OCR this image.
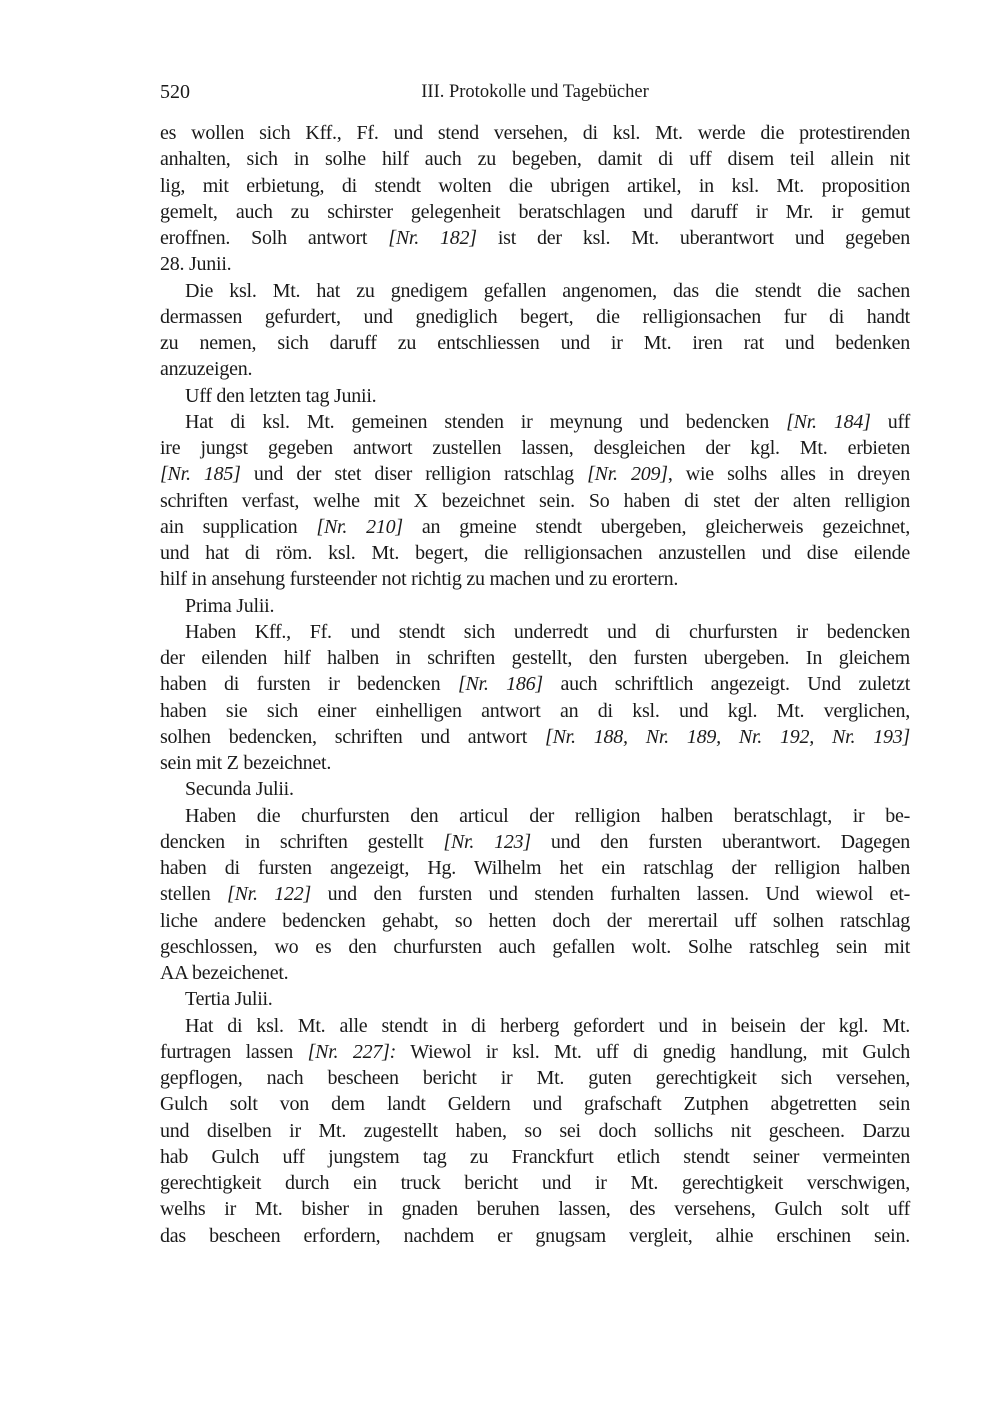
520	III. Protokolle und Tagebücher
es wollen sich Kff., Ff. und stend versehen, di ksl. Mt. werde die protestirenden
anhalten, sich in solhe hilf auch zu begeben, damit di uff disem teil allein nit
lig, mit erbietung, di stendt wolten die ubrigen artikel, in ksl. Mt. proposition
gemelt, auch zu schirster gelegenheit beratschlagen und daruff ir Mr. ir gemut
eroffnen. Solh antwort [Nr. 182] ist der ksl. Mt. uberantwort und gegeben
28. Junii.
Die ksl. Mt. hat zu gnedigem gefallen angenomen, das die stendt die sachen
dermassen gefurdert, und gnediglich begert, die relligionsachen fur di handt
zu nemen, sich daruff zu entschliessen und ir Mt. iren rat und bedenken
anzuzeigen.
Uff den letzten tag Junii.
Hat di ksl. Mt. gemeinen stenden ir meynung und bedencken [Nr. 184] uff
ire jungst gegeben antwort zustellen lassen, desgleichen der kgl. Mt. erbieten
[Nr. 185] und der stet diser relligion ratschlag [Nr. 209], wie solhs alles in dreyen
schriften verfast, welhe mit X bezeichnet sein. So haben di stet der alten relligion
ain supplication [Nr. 210] an gmeine stendt ubergeben, gleicherweis gezeichnet,
und hat di röm. ksl. Mt. begert, die relligionsachen anzustellen und dise eilende
hilf in ansehung fursteender not richtig zu machen und zu erortern.
Prima Julii.
Haben Kff., Ff. und stendt sich underredt und di churfursten ir bedencken
der eilenden hilf halben in schriften gestellt, den fursten ubergeben. In gleichem
haben di fursten ir bedencken [Nr. 186] auch schriftlich angezeigt. Und zuletzt
haben sie sich einer einhelligen antwort an di ksl. und kgl. Mt. verglichen,
solhen bedencken, schriften und antwort [Nr. 188, Nr. 189, Nr. 192, Nr. 193]
sein mit Z bezeichnet.
Secunda Julii.
Haben die churfursten den articul der relligion halben beratschlagt, ir be-
dencken in schriften gestellt [Nr. 123] und den fursten uberantwort. Dagegen
haben di fursten angezeigt, Hg. Wilhelm het ein ratschlag der relligion halben
stellen [Nr. 122] und den fursten und stenden furhalten lassen. Und wiewol et-
liche andere bedencken gehabt, so hetten doch der merertail uff solhen ratschlag
geschlossen, wo es den churfursten auch gefallen wolt. Solhe ratschleg sein mit
AA bezeichenet.
Tertia Julii.
Hat di ksl. Mt. alle stendt in di herberg gefordert und in beisein der kgl. Mt.
furtragen lassen [Nr. 227]: Wiewol ir ksl. Mt. uff di gnedig handlung, mit Gulch
gepflogen, nach bescheen bericht ir Mt. guten gerechtigkeit sich versehen,
Gulch solt von dem landt Geldern und grafschaft Zutphen abgetretten sein
und diselben ir Mt. zugestellt haben, so sei doch sollichs nit gescheen. Darzu
hab Gulch uff jungstem tag zu Franckfurt etlich stendt seiner vermeinten
gerechtigkeit durch ein truck bericht und ir Mt. gerechtigkeit verschwigen,
welhs ir Mt. bisher in gnaden beruhen lassen, des versehens, Gulch solt uff
das bescheen erfordern, nachdem er gnugsam vergleit, alhie erschinen sein.
